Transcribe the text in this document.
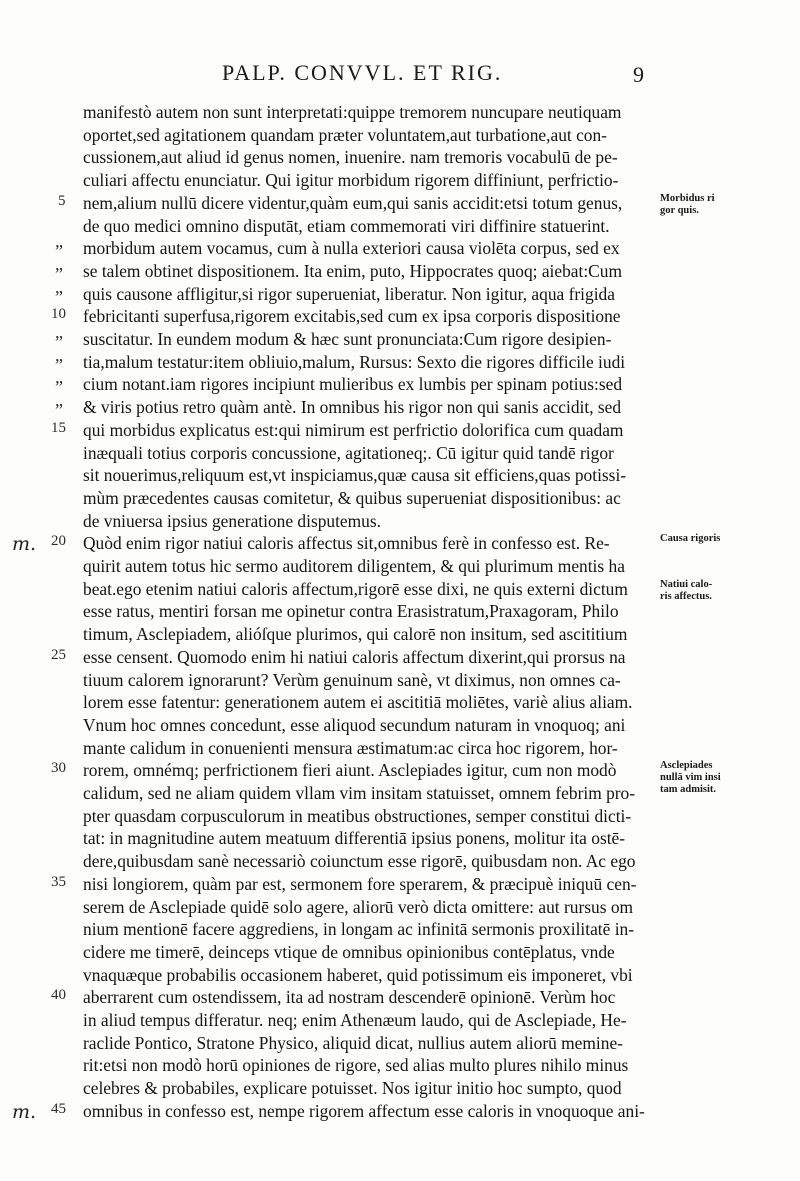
PALP. CONVVL. ET RIG.	9
manifestò autem non sunt interpretati:quippe tremorem nuncupare neutiquam
oportet,sed agitationem quandam præter voluntatem,aut turbatione,aut con-
cussionem,aut aliud id genus nomen, inuenire. nam tremoris vocabulū de pe-
culiari affectu enunciatur. Qui igitur morbidum rigorem diffiniunt, perfrictio-
nem,alium nullū dicere videntur,quàm eum,qui sanis accidit:etsi totum genus,
de quo medici omnino disputāt, etiam commemorati viri diffinire statuerint.
morbidum autem vocamus, cum à nulla exteriori causa violēta corpus, sed ex
se talem obtinet dispositionem. Ita enim, puto, Hippocrates quoq; aiebat:Cum
quis causone affligitur,si rigor superueniat, liberatur. Non igitur, aqua frigida
febricitanti superfusa,rigorem excitabis,sed cum ex ipsa corporis dispositione
suscitatur. In eundem modum & hæc sunt pronunciata:Cum rigore desipien-
tia,malum testatur:item obliuio,malum, Rursus: Sexto die rigores difficile iudi
cium notant.iam rigores incipiunt mulieribus ex lumbis per spinam potius:sed
& viris potius retro quàm antè. In omnibus his rigor non qui sanis accidit, sed
qui morbidus explicatus est:qui nimirum est perfrictio dolorifica cum quadam
inæquali totius corporis concussione, agitationeq;. Cū igitur quid tandē rigor
sit nouerimus,reliquum est,vt inspiciamus,quæ causa sit efficiens,quas potissi-
mùm præcedentes causas comitetur, & quibus superueniat dispositionibus: ac
de vniuersa ipsius generatione disputemus.
Quòd enim rigor natiui caloris affectus sit,omnibus ferè in confesso est. Re-
quirit autem totus hic sermo auditorem diligentem, & qui plurimum mentis ha
beat.ego etenim natiui caloris affectum,rigorē esse dixi, ne quis externi dictum
esse ratus, mentiri forsan me opinetur contra Erasistratum,Praxagoram, Philo
timum, Asclepiadem, alióſque plurimos, qui calorē non insitum, sed ascititium
esse censent. Quomodo enim hi natiui caloris affectum dixerint,qui prorsus na
tiuum calorem ignorarunt? Verùm genuinum sanè, vt diximus, non omnes ca-
lorem esse fatentur: generationem autem ei ascititiā moliētes, variè alius aliam.
Vnum hoc omnes concedunt, esse aliquod secundum naturam in vnoquoq; ani
mante calidum in conuenienti mensura æstimatum:ac circa hoc rigorem, hor-
rorem, omnémq; perfrictionem fieri aiunt. Asclepiades igitur, cum non modò
calidum, sed ne aliam quidem vllam vim insitam statuisset, omnem febrim pro-
pter quasdam corpusculorum in meatibus obstructiones, semper constitui dicti-
tat: in magnitudine autem meatuum differentiā ipsius ponens, molitur ita ostē-
dere,quibusdam sanè necessariò coiunctum esse rigorē, quibusdam non. Ac ego
nisi longiorem, quàm par est, sermonem fore sperarem, & præcipuè iniquū cen-
serem de Asclepiade quidē solo agere, aliorū verò dicta omittere: aut rursus om
nium mentionē facere aggrediens, in longam ac infinitā sermonis proxilitatē in-
cidere me timerē, deinceps vtique de omnibus opinionibus contēplatus, vnde
vnaquæque probabilis occasionem haberet, quid potissimum eis imponeret, vbi
aberrarent cum ostendissem, ita ad nostram descenderē opinionē. Verùm hoc
in aliud tempus differatur. neq; enim Athenæum laudo, qui de Asclepiade, He-
raclide Pontico, Stratone Physico, aliquid dicat, nullius autem aliorū memine-
rit:etsi non modò horū opiniones de rigore, sed alias multo plures nihilo minus
celebres & probabiles, explicare potuisset. Nos igitur initio hoc sumpto, quod
omnibus in confesso est, nempe rigorem affectum esse caloris in vnoquoque ani-
5
10
15
20
25
30
35
40
45
„
„
„
„
„
„
„
m.
m.
Morbidus ri
gor quis.
Causa rigoris
Natiui calo-
ris affectus.
Asclepiades
nullā vim insi
tam admisit.
